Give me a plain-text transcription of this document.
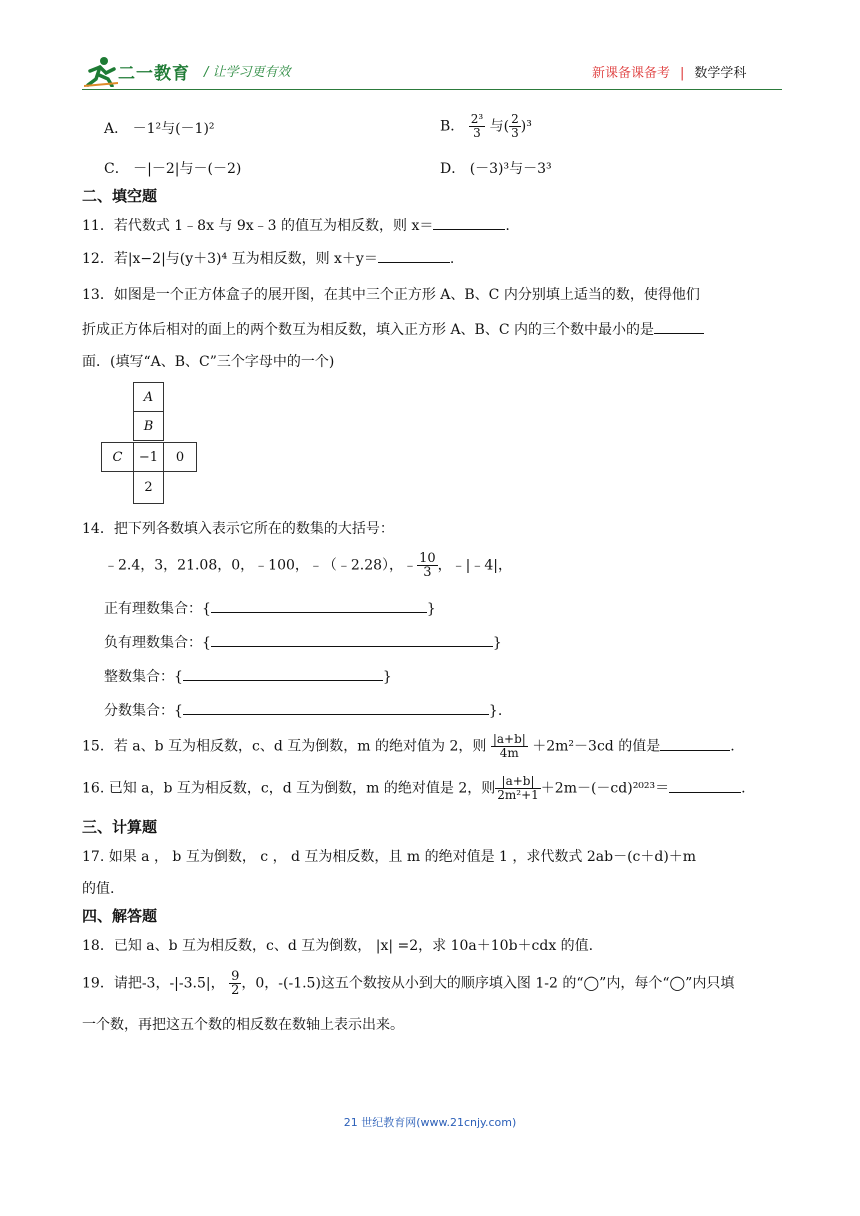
二一教育 / 让学习更有效	新课备课备考 | 数学学科
A． －1²与(－1)²	B． $\frac{\text{2³}}{3}$ 与( $\frac{2}{3} )^3$
C． －|－2|与－(－2)	D． (－3)³与－3³
二、填空题
11．若代数式 1﹣8x 与 9x﹣3 的值互为相反数，则 x＝	.
12．若|x−2|与(y＋3)⁴ 互为相反数，则 x＋y＝	.
13．如图是一个正方体盒子的展开图，在其中三个正方形 A、B、C 内分别填上适当的数，使得他们
折成正方体后相对的面上的两个数互为相反数，填入正方形 A、B、C 内的三个数中最小的是
面．(填写“A、B、C”三个字母中的一个)
A
B
C	−1	0
2
14．把下列各数填入表示它所在的数集的大括号：
﹣2.4，3，21.08，0，﹣100，﹣（﹣2.28），﹣ $\frac{10}{3}$ ，﹣|﹣4|，
正有理数集合：{	}
负有理数集合：{	}
整数集合：{	}
分数集合：{	}.
15．若 a、b 互为相反数，c、d 互为倒数，m 的绝对值为 2，则 $\frac{|a+b|}{4m} +2m^2-3cd$ 的值是	.
16. 已知 a，b 互为相反数，c，d 互为倒数，m 的绝对值是 2，则 $\frac{|a+b|}{\text{2m²+1}} +2m-(-cd)^{2023}=$	.
三、计算题
17. 如果 a ， b 互为倒数， c ， d 互为相反数，且 m 的绝对值是 1 ，求代数式 2ab－(c＋d)＋m
的值.
四、解答题
18．已知 a、b 互为相反数，c、d 互为倒数， |x| =2，求 10a＋10b＋cdx 的值.
19．请把-3，-|-3.5|， $\frac{9}{2}$ ，0，-(-1.5)这五个数按从小到大的顺序填入图 1-2 的“◯”内，每个“◯”内只填
一个数，再把这五个数的相反数在数轴上表示出来。
21 世纪教育网(www.21cnjy.com)
